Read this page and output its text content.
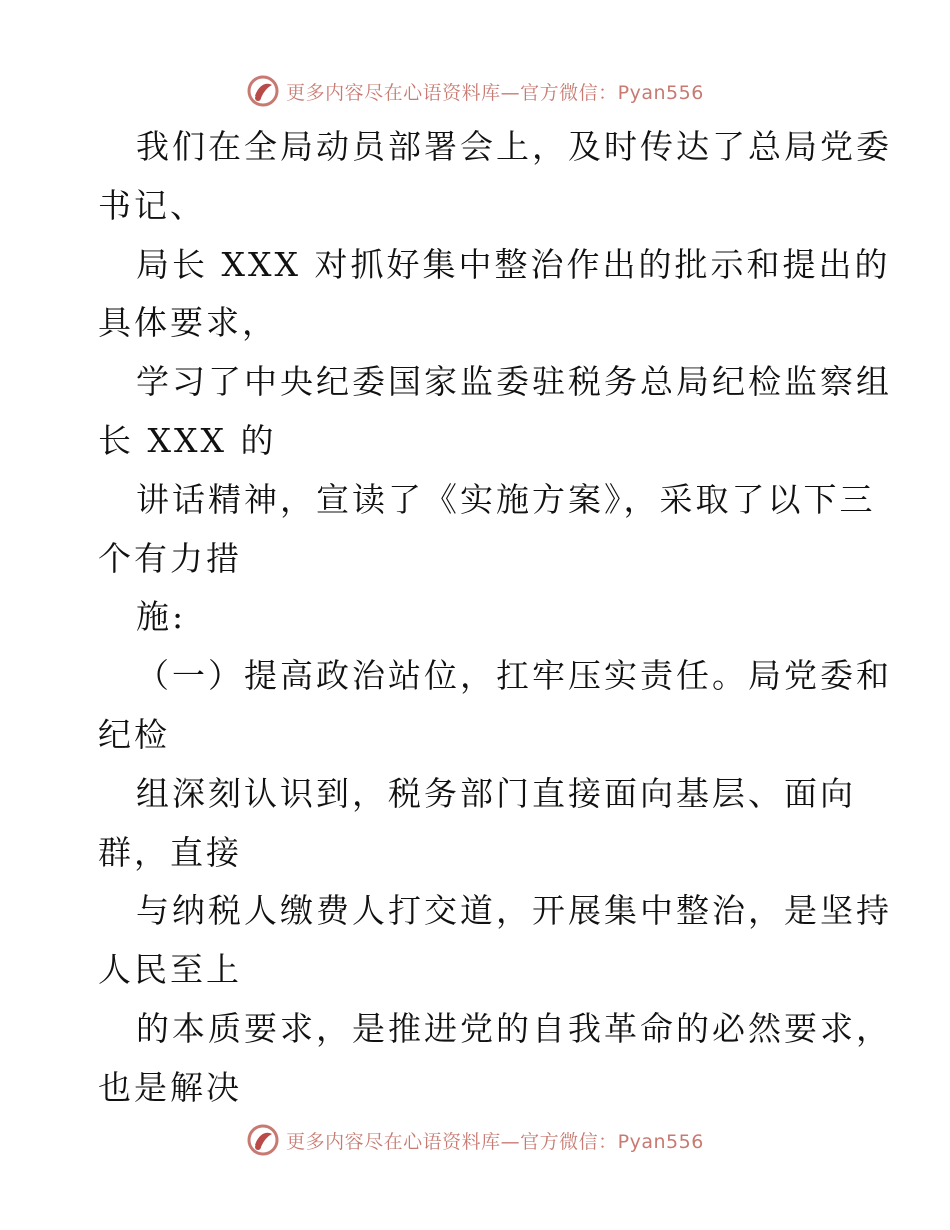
更多内容尽在心语资料库—官方微信：Pyan556
我们在全局动员部署会上，及时传达了总局党委
书记、
局长 XXX 对抓好集中整治作出的批示和提出的
具体要求，
学习了中央纪委国家监委驻税务总局纪检监察组
长 XXX 的
讲话精神，宣读了《实施方案》，采取了以下三
个有力措
施:
（一）提高政治站位，扛牢压实责任。局党委和
纪检
组深刻认识到，税务部门直接面向基层、面向
群，直接
与纳税人缴费人打交道，开展集中整治，是坚持
人民至上
的本质要求，是推进党的自我革命的必然要求，
也是解决
更多内容尽在心语资料库—官方微信：Pyan556
